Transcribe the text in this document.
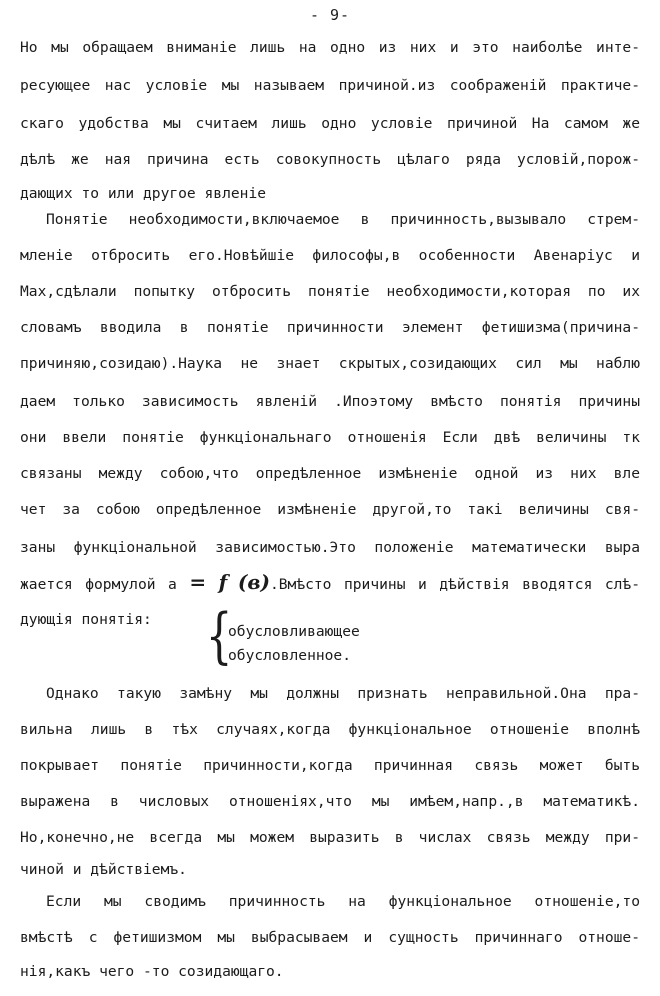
- 9-
Но мы обращаем вниманіе лишь на одно из них и это наиболѣе инте-
ресующее нас условіе мы называем причиной.из соображеній практиче-
скаго удобства мы считаем лишь одно условіе причиной На самом же
дѣлѣ же ная причина есть совокупность цѣлаго ряда условій,порож-
дающих то или другое явленіе
Понятіе необходимости,включаемое в причинность,вызывало стрем-
мленіе отбросить его.Новѣйшіе философы,в особенности Авенаріус и
Мах,сдѣлали попытку отбросить понятіе необходимости,которая по их
словамъ вводила в понятіе причинности элемент фетишизма(причина-
причиняю,созидаю).Наука не знает скрытых,созидающих сил мы наблю
даем только зависимость явленій .Ипоэтому вмѣсто понятія причины
они ввели понятіе функціональнаго отношенія Если двѣ величины тк
связаны между собою,что опредѣленное измѣненіе одной из них вле
чет за собою опредѣленное измѣненіе другой,то такі величины свя-
заны функціональной зависимостью.Это положеніе математически выра
жается формулой а = f (в).Вмѣсто причины и дѣйствія вводятся слѣ-
дующія понятія: {
обусловливающее
обусловленное.
Однако такую замѣну мы должны признать неправильной.Она пра-
вильна лишь в тѣх случаях,когда функціональное отношеніе вполнѣ
покрывает понятіе причинности,когда причинная связь может быть
выражена в числовых отношеніях,что мы имѣем,напр.,в математикѣ.
Но,конечно,не всегда мы можем выразить в числах связь между при-
чиной и дѣйствіемъ.
Если мы сводимъ причинность на функціональное отношеніе,то
вмѣстѣ с фетишизмом мы выбрасываем и сущность причиннаго отноше-
нія,какъ чего -то созидающаго.
